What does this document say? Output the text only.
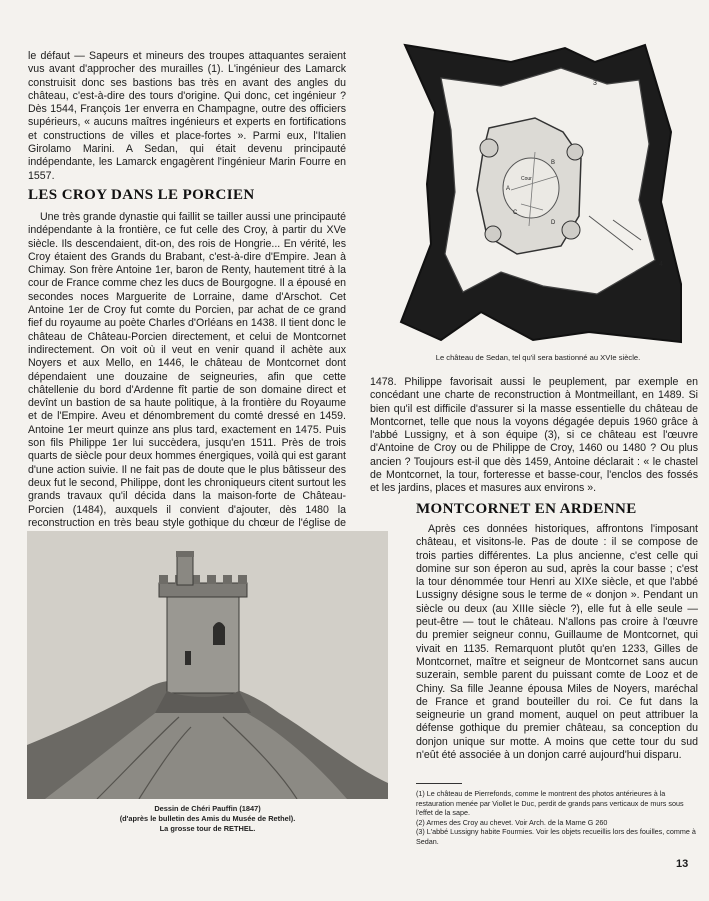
le défaut — Sapeurs et mineurs des troupes attaquantes seraient vus avant d'approcher des murailles (1). L'ingénieur des Lamarck construisit donc ses bastions bas très en avant des angles du château, c'est-à-dire des tours d'origine. Qui donc, cet ingénieur ? Dès 1544, François 1er enverra en Champagne, outre des officiers supérieurs, « aucuns maîtres ingénieurs et experts en fortifications et constructions de villes et place-fortes ». Parmi eux, l'Italien Girolamo Marini. A Sedan, qui était devenu principauté indépendante, les Lamarck engagèrent l'ingénieur Marin Fourre en 1557.

LES CROY DANS LE PORCIEN

Une très grande dynastie qui faillit se tailler aussi une principauté indépendante à la frontière, ce fut celle des Croy, à partir du XVe siècle. Ils descendaient, dit-on, des rois de Hongrie... En vérité, les Croy étaient des Grands du Brabant, c'est-à-dire d'Empire. Jean à Chimay. Son frère Antoine 1er, baron de Renty, hautement titré à la cour de France comme chez les ducs de Bourgogne. Il a épousé en secondes noces Marguerite de Lorraine, dame d'Arschot. Cet Antoine 1er de Croy fut comte du Porcien, par achat de ce grand fief du royaume au poète Charles d'Orléans en 1438. Il tient donc le château de Château-Porcien directement, et celui de Montcornet indirectement. On voit où il veut en venir quand il achète aux Noyers et aux Mello, en 1446, le château de Montcornet dont dépendaient une douzaine de seigneuries, afin que cette châtellenie du bord d'Ardenne fît partie de son domaine direct et devînt un bastion de sa haute politique, à la frontière du Royaume et de l'Empire. Aveu et dénombrement du comté dressé en 1459. Antoine 1er meurt quinze ans plus tard, exactement en 1475. Puis son fils Philippe 1er lui succèdera, jusqu'en 1511. Près de trois quarts de siècle pour deux hommes énergiques, voilà qui est garant d'une action suivie. Il ne fait pas de doute que le plus bâtisseur des deux fut le second, Philippe, dont les chroniqueurs citent surtout les grands travaux qu'il décida dans la maison-forte de Château-Porcien (1484), auxquels il convient d'ajouter, dès 1480 la reconstruction en très beau style gothique du chœur de l'église de

3
4
A
B
C
D
Cour
Le château de Sedan, tel qu'il sera bastionné au XVIe siècle.

1478. Philippe favorisait aussi le peuplement, par exemple en concédant une charte de reconstruction à Montmeillant, en 1489. Si bien qu'il est difficile d'assurer si la masse essentielle du château de Montcornet, telle que nous la voyons dégagée depuis 1960 grâce à l'abbé Lussigny, et à son équipe (3), si ce château est l'œuvre d'Antoine de Croy ou de Philippe de Croy, 1460 ou 1480 ? Ou plus ancien ? Toujours est-il que dès 1459, Antoine déclarait : « le chastel de Montcornet, la tour, forteresse et basse-cour, l'enclos des fossés et les jardins, places et masures aux environs ».

MONTCORNET EN ARDENNE

Après ces données historiques, affrontons l'imposant château, et visitons-le. Pas de doute : il se compose de trois parties différentes. La plus ancienne, c'est celle qui domine sur son éperon au sud, après la cour basse ; c'est la tour dénommée tour Henri au XIXe siècle, et que l'abbé Lussigny désigne sous le terme de « donjon ». Pendant un siècle ou deux (au XIIIe siècle ?), elle fut à elle seule — peut-être — tout le château. N'allons pas croire à l'œuvre du premier seigneur connu, Guillaume de Montcornet, qui vivait en 1135. Remarquont plutôt qu'en 1233, Gilles de Montcornet, maître et seigneur de Montcornet sans aucun suzerain, semble parent du puissant comte de Looz et de Chiny. Sa fille Jeanne épousa Miles de Noyers, maréchal de France et grand bouteiller du roi. Ce fut dans la seigneurie un grand moment, auquel on peut attribuer la défense gothique du premier château, sa conception du donjon unique sur motte. A moins que cette tour du sud n'eût été associée à un donjon carré aujourd'hui disparu.

Dessin de Chéri Pauffin (1847)
(d'après le bulletin des Amis du Musée de Rethel).
La grosse tour de RETHEL.

(1) Le château de Pierrefonds, comme le montrent des photos antérieures à la restauration menée par Viollet le Duc, perdit de grands pans verticaux de murs sous l'effet de la sape.

(2) Armes des Croy au chevet. Voir Arch. de la Marne G 260

(3) L'abbé Lussigny habite Fourmies. Voir les objets recueillis lors des fouilles, comme à Sedan.

13
